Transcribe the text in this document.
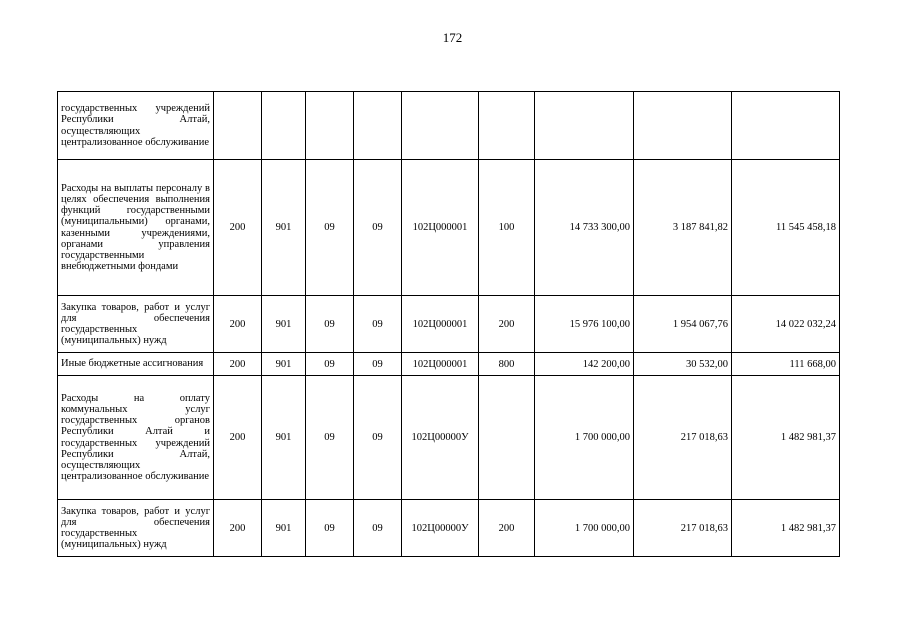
172
государственных учреждений Республики Алтай, осуществляющих централизованное обслуживание									
Расходы на выплаты персоналу в целях обеспечения выполнения функций государственными (муниципальными) органами, казенными учреждениями, органами управления государственными внебюджетными фондами	200	901	09	09	102Ц000001	100	14 733 300,00	3 187 841,82	11 545 458,18
Закупка товаров, работ и услуг для обеспечения государственных (муниципальных) нужд	200	901	09	09	102Ц000001	200	15 976 100,00	1 954 067,76	14 022 032,24
Иные бюджетные ассигнования	200	901	09	09	102Ц000001	800	142 200,00	30 532,00	111 668,00
Расходы на оплату коммунальных услуг государственных органов Республики Алтай и государственных учреждений Республики Алтай, осуществляющих централизованное обслуживание	200	901	09	09	102Ц00000У		1 700 000,00	217 018,63	1 482 981,37
Закупка товаров, работ и услуг для обеспечения государственных (муниципальных) нужд	200	901	09	09	102Ц00000У	200	1 700 000,00	217 018,63	1 482 981,37
